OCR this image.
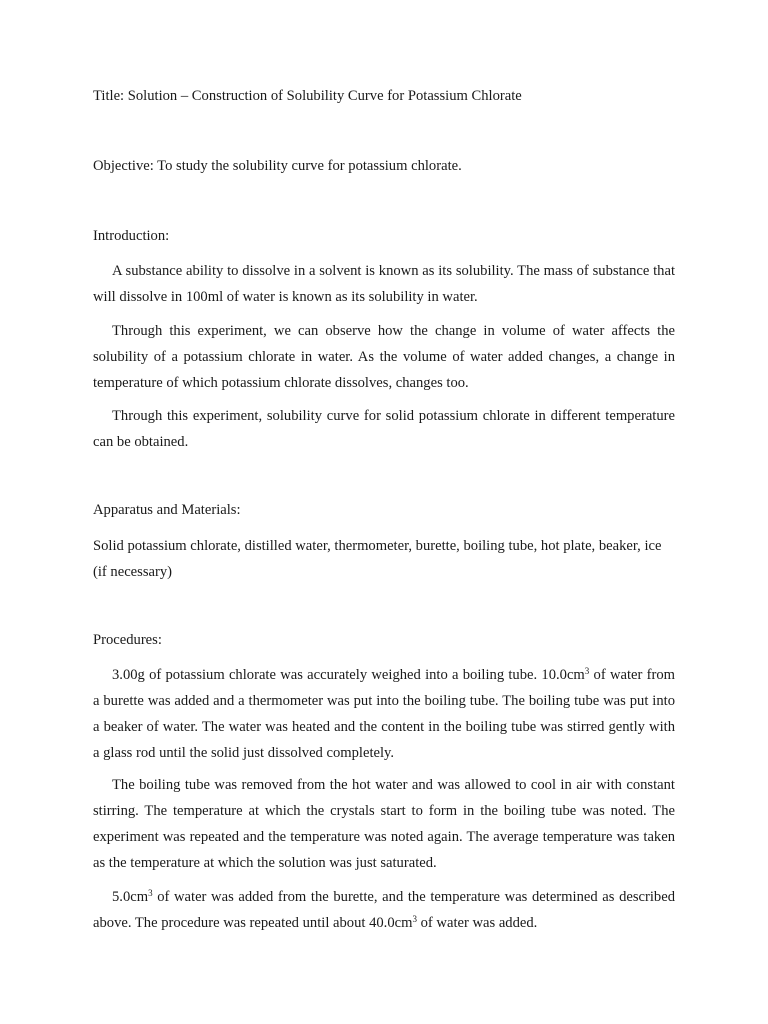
Title: Solution – Construction of Solubility Curve for Potassium Chlorate

Objective: To study the solubility curve for potassium chlorate.

Introduction:

A substance ability to dissolve in a solvent is known as its solubility. The mass of substance that will dissolve in 100ml of water is known as its solubility in water.

Through this experiment, we can observe how the change in volume of water affects the solubility of a potassium chlorate in water. As the volume of water added changes, a change in temperature of which potassium chlorate dissolves, changes too.

Through this experiment, solubility curve for solid potassium chlorate in different temperature can be obtained.

Apparatus and Materials:

Solid potassium chlorate, distilled water, thermometer, burette, boiling tube, hot plate, beaker, ice (if necessary)

Procedures:

3.00g of potassium chlorate was accurately weighed into a boiling tube. $10.0cm^3$ of water from a burette was added and a thermometer was put into the boiling tube. The boiling tube was put into a beaker of water. The water was heated and the content in the boiling tube was stirred gently with a glass rod until the solid just dissolved completely.

The boiling tube was removed from the hot water and was allowed to cool in air with constant stirring. The temperature at which the crystals start to form in the boiling tube was noted. The experiment was repeated and the temperature was noted again. The average temperature was taken as the temperature at which the solution was just saturated.

$5.0cm^3$ of water was added from the burette, and the temperature was determined as described above. The procedure was repeated until about $40.0cm^3$ of water was added.
